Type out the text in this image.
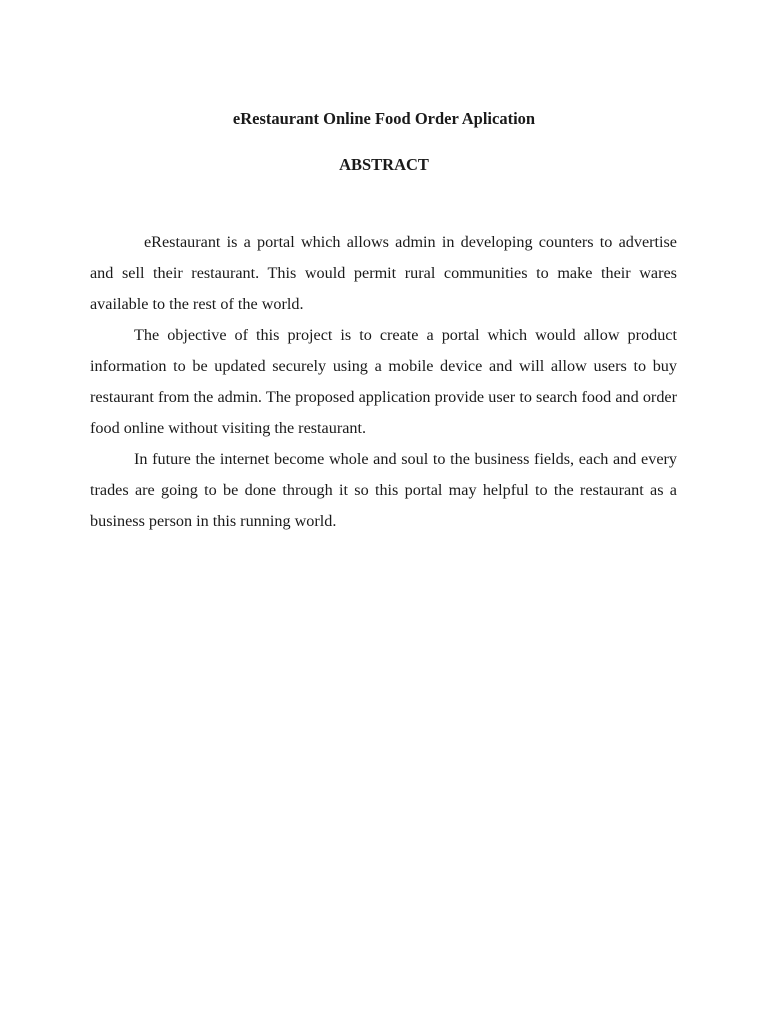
eRestaurant Online Food Order Aplication
ABSTRACT

eRestaurant is a portal which allows admin in developing counters to advertise and sell their restaurant. This would permit rural communities to make their wares available to the rest of the world.

The objective of this project is to create a portal which would allow product information to be updated securely using a mobile device and will allow users to buy restaurant from the admin. The proposed application provide user to search food and order food online without visiting the restaurant.

In future the internet become whole and soul to the business fields, each and every trades are going to be done through it so this portal may helpful to the restaurant as a business person in this running world.
